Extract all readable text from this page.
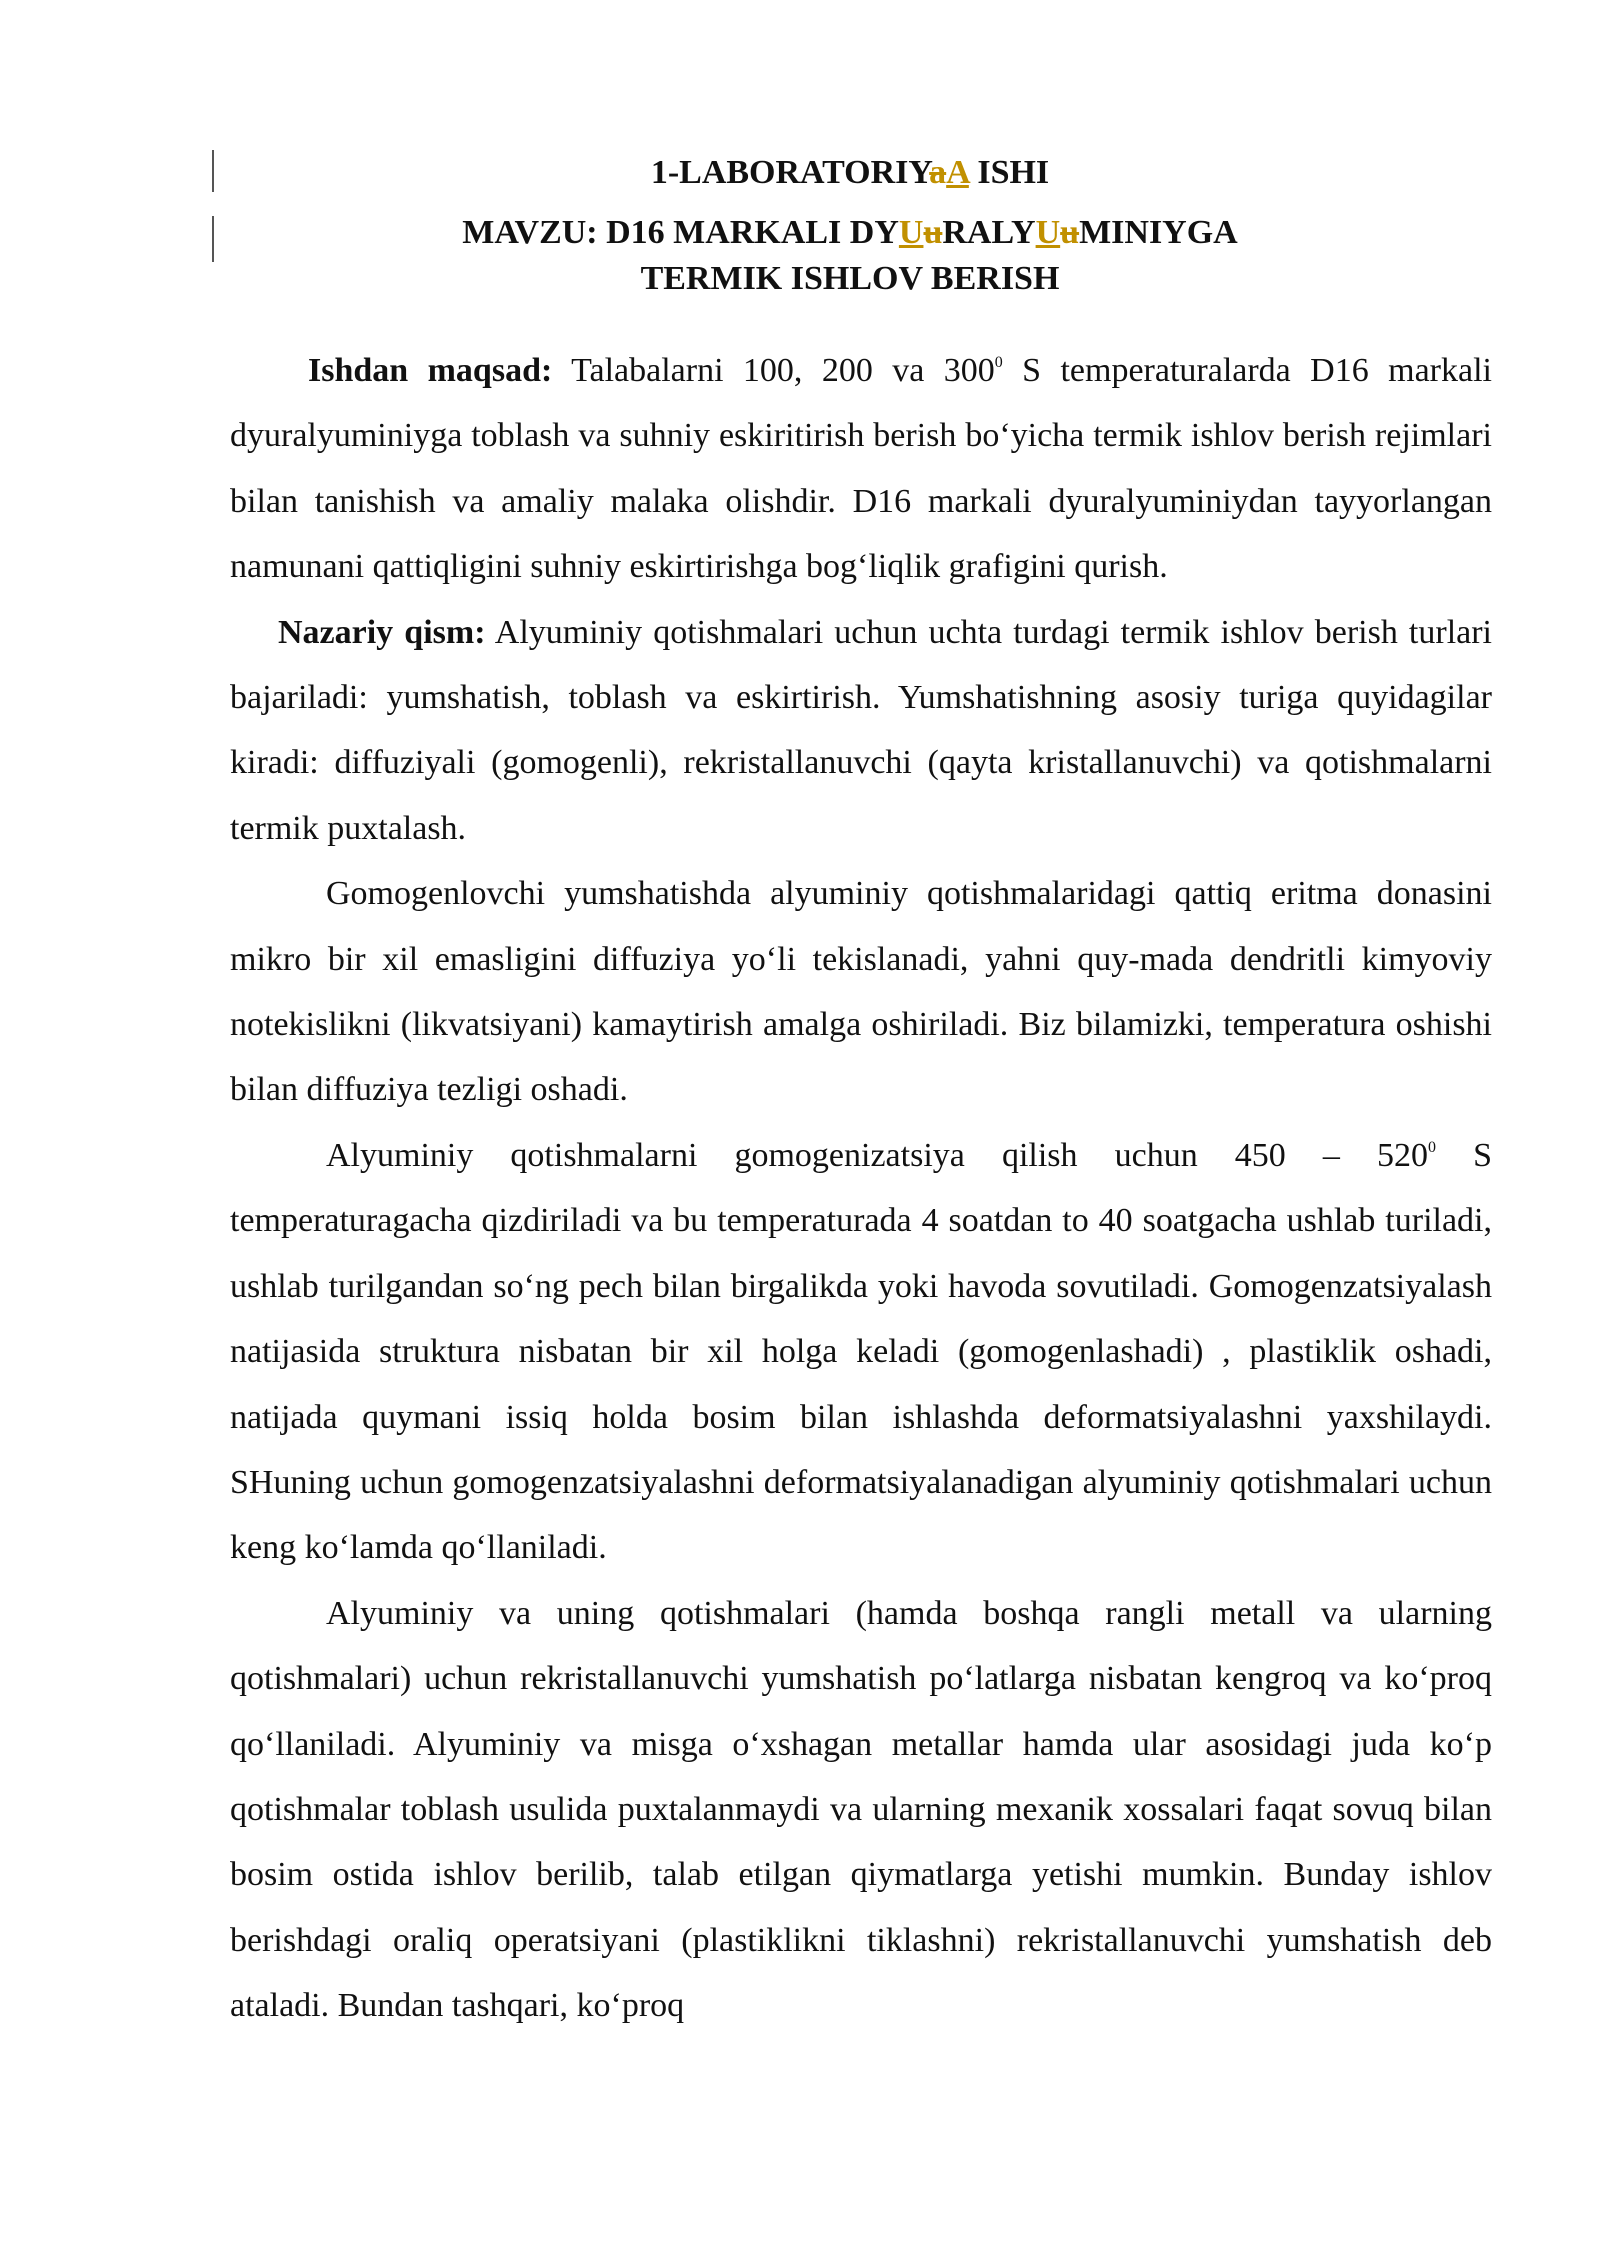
1-LABORATORIYaA ISHI
MAVZU: D16 MARKALI DYUuRALYUuMINIYGA
TERMIK ISHLOV BERISH

Ishdan maqsad: Talabalarni 100, 200 va $300^0$ S temperaturalarda D16 markali dyuralyuminiyga toblash va suhniy eskiritirish berish bo‘yicha termik ishlov berish rejimlari bilan tanishish va amaliy malaka olishdir. D16 markali dyuralyuminiydan tayyorlangan namunani qattiqligini suhniy eskirtirishga bog‘liqlik grafigini qurish.

Nazariy qism: Alyuminiy qotishmalari uchun uchta turdagi termik ishlov berish turlari bajariladi: yumshatish, toblash va eskirtirish. Yumshatishning asosiy turiga quyidagilar kiradi: diffuziyali (gomogenli), rekristallanuvchi (qayta kristallanuvchi) va qotishmalarni termik puxtalash.

Gomogenlovchi yumshatishda alyuminiy qotishmalaridagi qattiq eritma donasini mikro bir xil emasligini diffuziya yo‘li tekislanadi, yahni quy-mada dendritli kimyoviy notekislikni (likvatsiyani) kamaytirish amalga oshiriladi. Biz bilamizki, temperatura oshishi bilan diffuziya tezligi oshadi.

Alyuminiy qotishmalarni gomogenizatsiya qilish uchun $450 - 520^0$ S temperaturagacha qizdiriladi va bu temperaturada 4 soatdan to 40 soatgacha ushlab turiladi, ushlab turilgandan so‘ng pech bilan birgalikda yoki havoda sovutiladi. Gomogenzatsiyalash natijasida struktura nisbatan bir xil holga keladi (gomogenlashadi) , plastiklik oshadi, natijada quymani issiq holda bosim bilan ishlashda deformatsiyalashni yaxshilaydi. SHuning uchun gomogenzatsiyalashni deformatsiyalanadigan alyuminiy qotishmalari uchun keng ko‘lamda qo‘llaniladi.

Alyuminiy va uning qotishmalari (hamda boshqa rangli metall va ularning qotishmalari) uchun rekristallanuvchi yumshatish po‘latlarga nisbatan kengroq va ko‘proq qo‘llaniladi. Alyuminiy va misga o‘xshagan metallar hamda ular asosidagi juda ko‘p qotishmalar toblash usulida puxtalanmaydi va ularning mexanik xossalari faqat sovuq bilan bosim ostida ishlov berilib, talab etilgan qiymatlarga yetishi mumkin. Bunday ishlov berishdagi oraliq operatsiyani (plastiklikni tiklashni) rekristallanuvchi yumshatish deb ataladi. Bundan tashqari, ko‘proq
